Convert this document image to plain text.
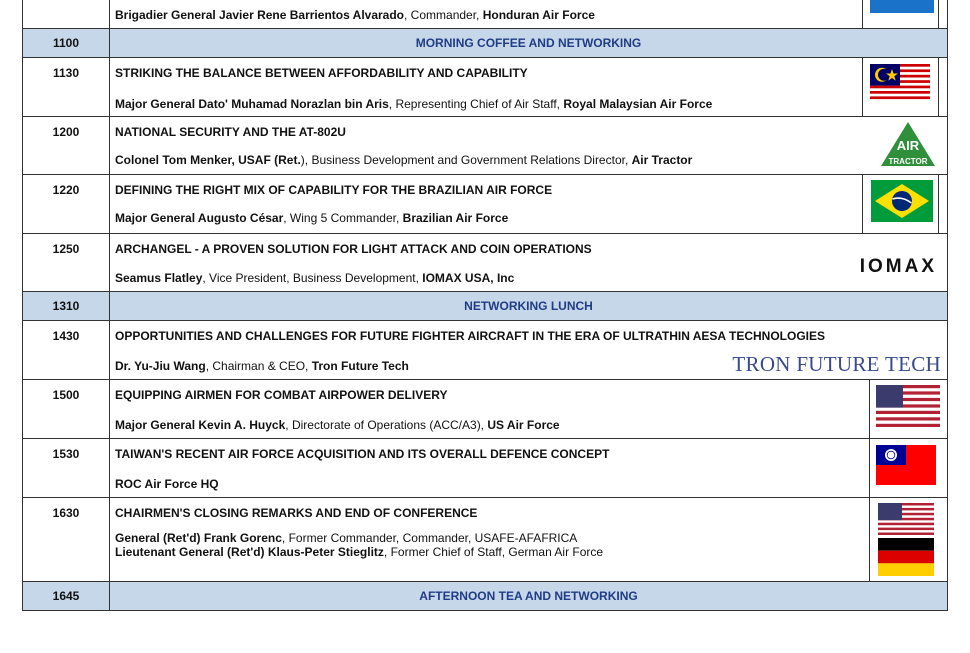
Brigadier General Javier Rene Barrientos Alvarado, Commander, Honduran Air Force
1100	MORNING COFFEE AND NETWORKING
1130	STRIKING THE BALANCE BETWEEN AFFORDABILITY AND CAPABILITY
Major General Dato' Muhamad Norazlan bin Aris, Representing Chief of Air Staff, Royal Malaysian Air Force
1200	NATIONAL SECURITY AND THE AT-802U
Colonel Tom Menker, USAF (Ret.), Business Development and Government Relations Director, Air Tractor
AIR
TRACTOR
1220	DEFINING THE RIGHT MIX OF CAPABILITY FOR THE BRAZILIAN AIR FORCE
Major General Augusto César, Wing 5 Commander, Brazilian Air Force
1250	ARCHANGEL - A PROVEN SOLUTION FOR LIGHT ATTACK AND COIN OPERATIONS
Seamus Flatley, Vice President, Business Development, IOMAX USA, Inc
IOMAX
1310	NETWORKING LUNCH
1430	OPPORTUNITIES AND CHALLENGES FOR FUTURE FIGHTER AIRCRAFT IN THE ERA OF ULTRATHIN AESA TECHNOLOGIES
Dr. Yu-Jiu Wang, Chairman & CEO, Tron Future Tech	TRON FUTURE TECH
1500	EQUIPPING AIRMEN FOR COMBAT AIRPOWER DELIVERY
Major General Kevin A. Huyck, Directorate of Operations (ACC/A3), US Air Force
1530	TAIWAN'S RECENT AIR FORCE ACQUISITION AND ITS OVERALL DEFENCE CONCEPT
ROC Air Force HQ
1630	CHAIRMEN'S CLOSING REMARKS AND END OF CONFERENCE
General (Ret'd) Frank Gorenc, Former Commander, Commander, USAFE-AFAFRICA
Lieutenant General (Ret'd) Klaus-Peter Stieglitz, Former Chief of Staff, German Air Force
1645	AFTERNOON TEA AND NETWORKING
